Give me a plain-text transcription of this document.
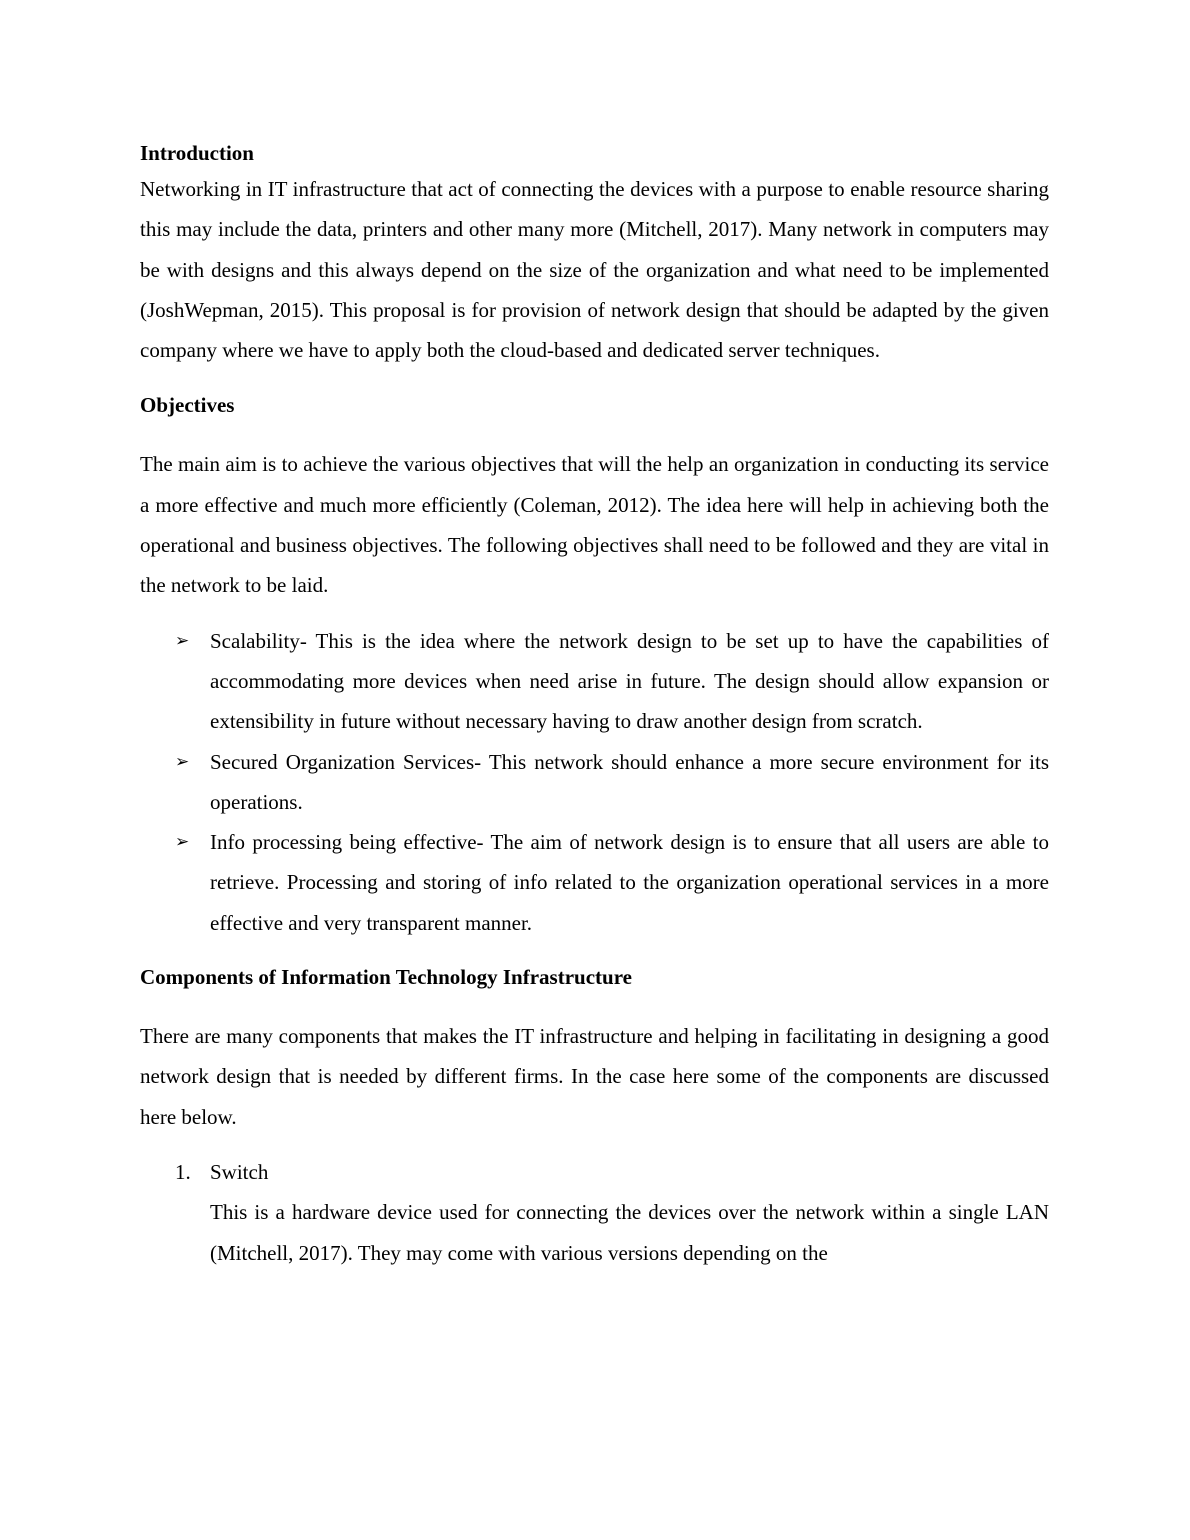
Introduction

Networking in IT infrastructure that act of connecting the devices with a purpose to enable resource sharing this may include the data, printers and other many more (Mitchell, 2017). Many network in computers may be with designs and this always depend on the size of the organization and what need to be implemented (JoshWepman, 2015). This proposal is for provision of network design that should be adapted by the given company where we have to apply both the cloud-based and dedicated server techniques.

Objectives

The main aim is to achieve the various objectives that will the help an organization in conducting its service a more effective and much more efficiently (Coleman, 2012). The idea here will help in achieving both the operational and business objectives. The following objectives shall need to be followed and they are vital in the network to be laid.

➢ Scalability- This is the idea where the network design to be set up to have the capabilities of accommodating more devices when need arise in future. The design should allow expansion or extensibility in future without necessary having to draw another design from scratch.
➢ Secured Organization Services- This network should enhance a more secure environment for its operations.
➢ Info processing being effective- The aim of network design is to ensure that all users are able to retrieve. Processing and storing of info related to the organization operational services in a more effective and very transparent manner.
Components of Information Technology Infrastructure

There are many components that makes the IT infrastructure and helping in facilitating in designing a good network design that is needed by different firms. In the case here some of the components are discussed here below.

1. Switch
This is a hardware device used for connecting the devices over the network within a single LAN (Mitchell, 2017). They may come with various versions depending on the
